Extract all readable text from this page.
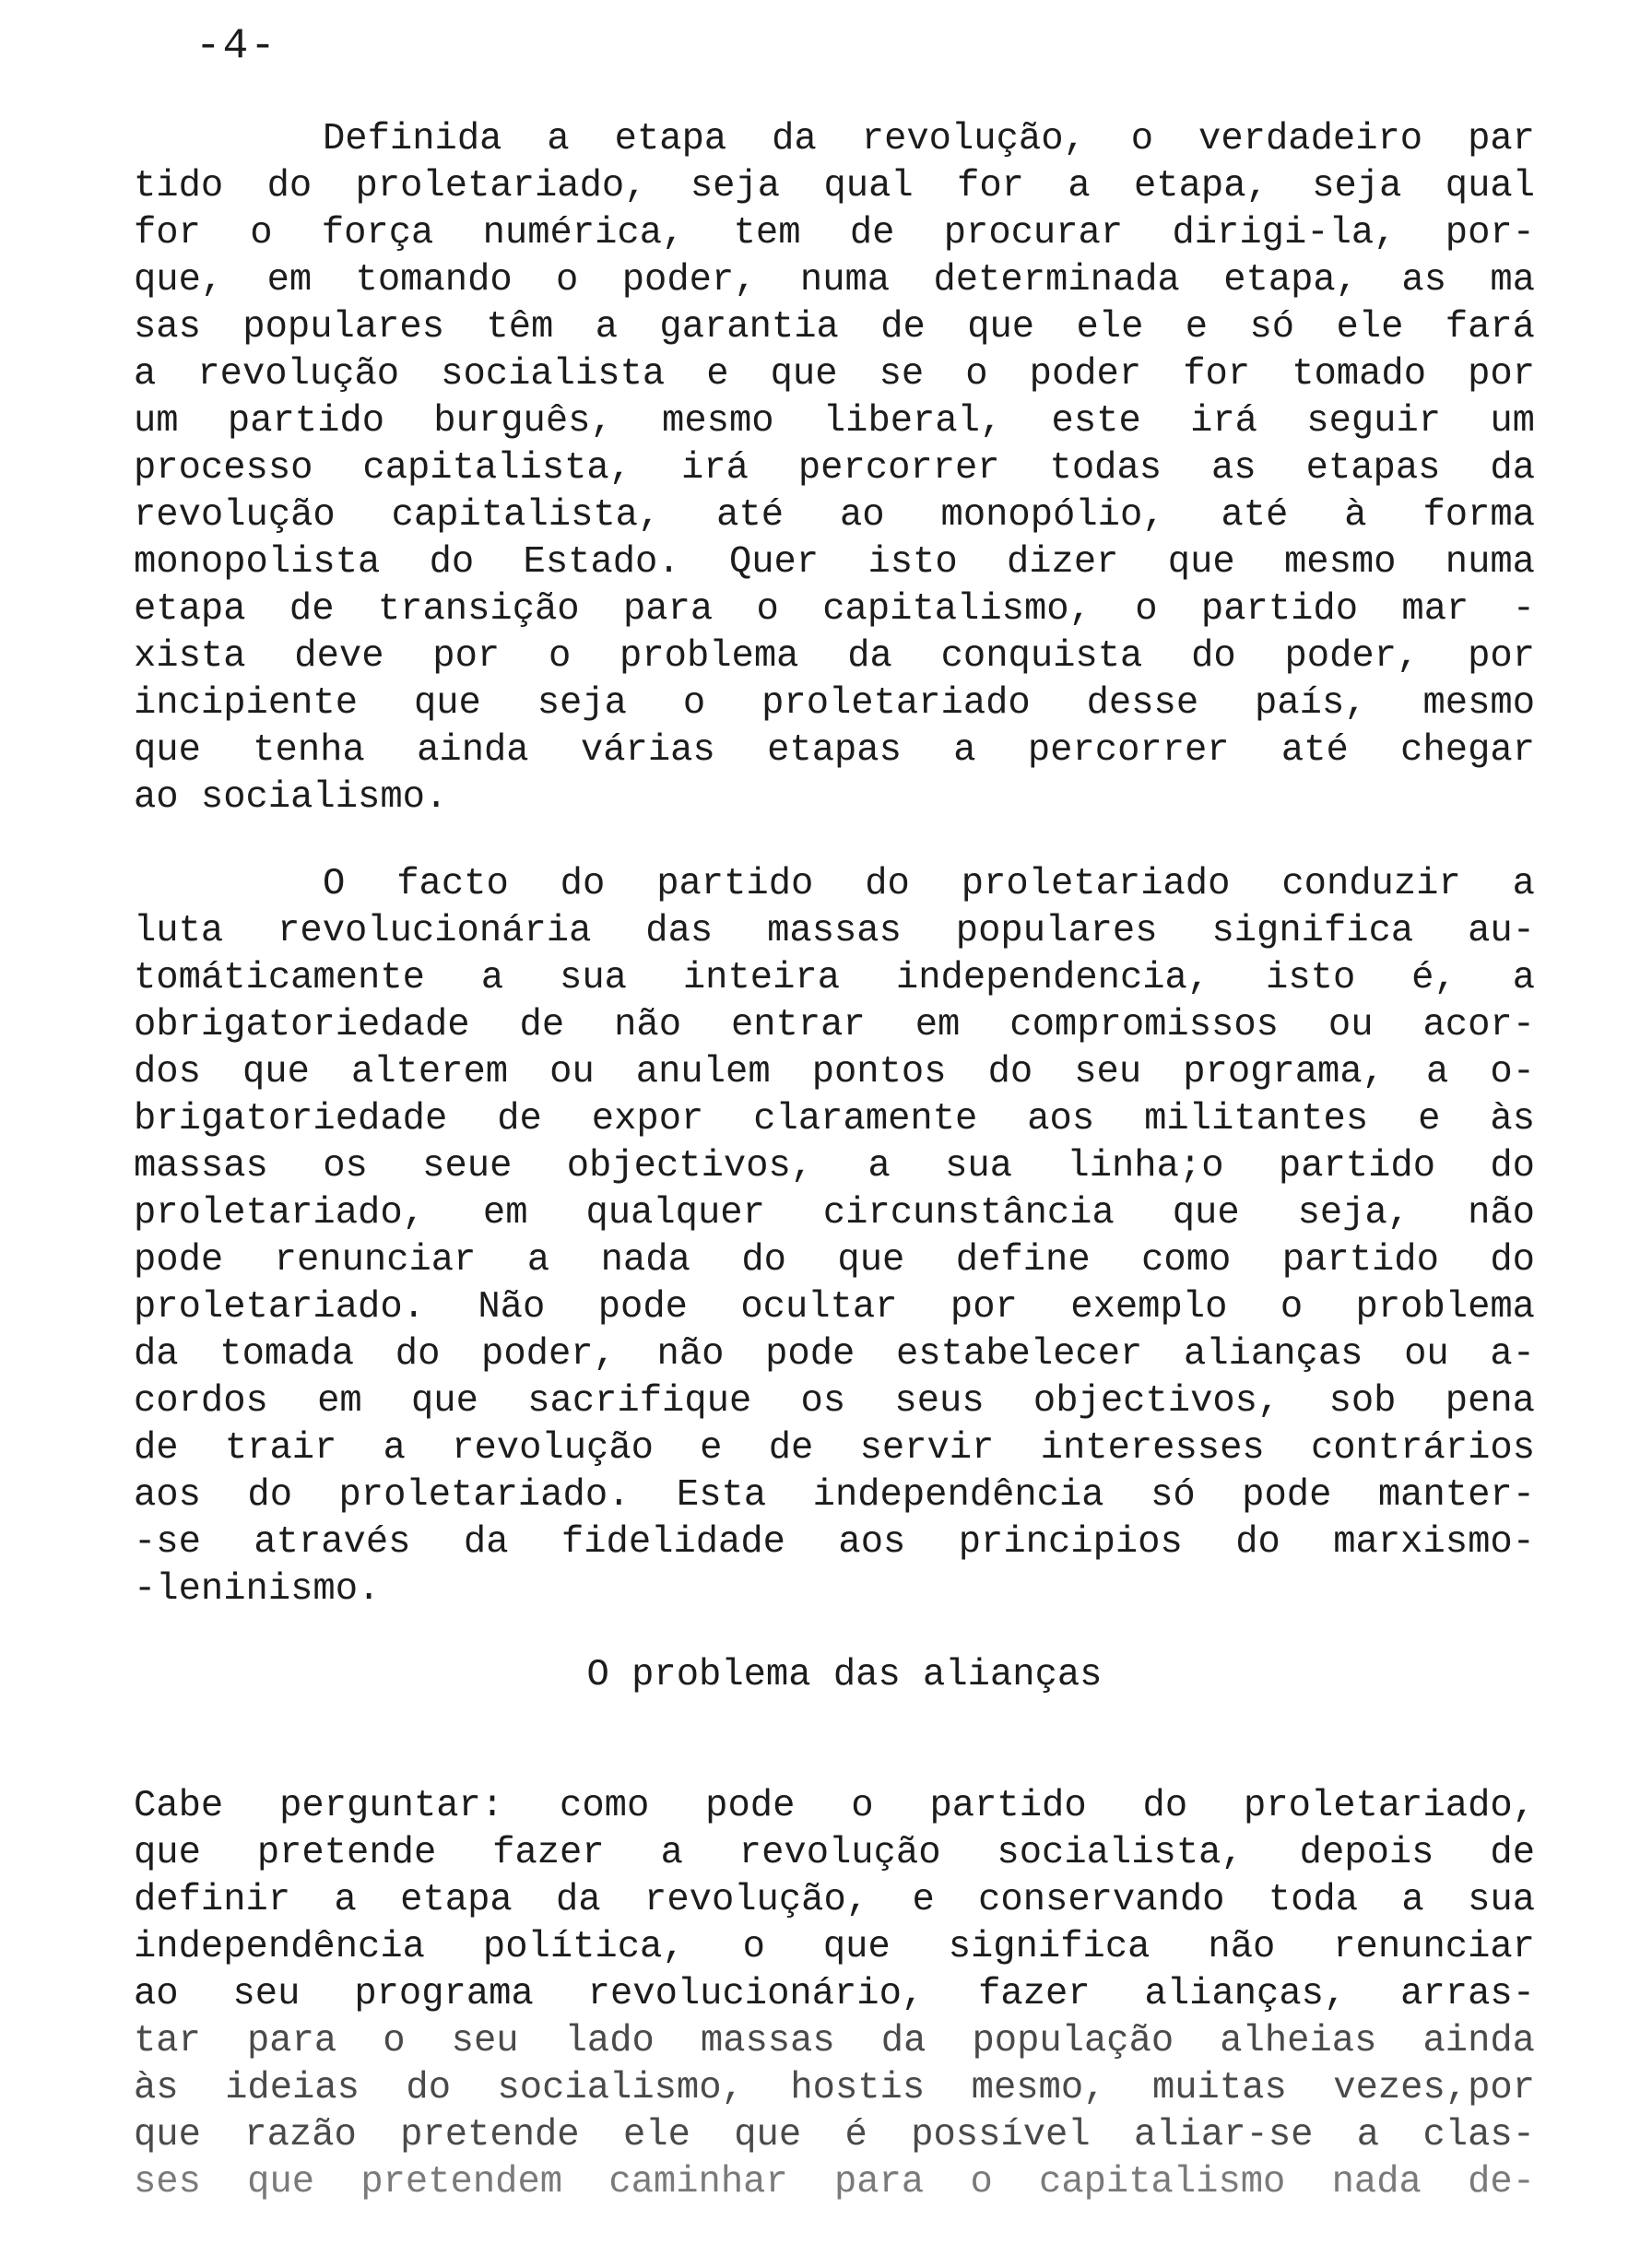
-4-
Definida a etapa da revolução, o verdadeiro par
tido do proletariado, seja qual for a etapa, seja qual
for o força numérica, tem de procurar dirigi-la, por-
que, em tomando o poder, numa determinada etapa, as ma
sas populares têm a garantia de que ele e só ele fará
a revolução socialista e que se o poder for tomado por
um partido burguês, mesmo liberal, este irá seguir um
processo capitalista, irá percorrer todas as etapas da
revolução capitalista, até ao monopólio, até à forma
monopolista do Estado. Quer isto dizer que mesmo numa
etapa de transição para o capitalismo, o partido mar -
xista deve por o problema da conquista do poder, por
incipiente que seja o proletariado desse país, mesmo
que tenha ainda várias etapas a percorrer até chegar
ao socialismo.
O facto do partido do proletariado conduzir a
luta revolucionária das massas populares significa au-
tomáticamente a sua inteira independencia, isto é, a
obrigatoriedade de não entrar em compromissos ou acor-
dos que alterem ou anulem pontos do seu programa, a o-
brigatoriedade de expor claramente aos militantes e às
massas os seue objectivos, a sua linha;o partido do
proletariado, em qualquer circunstância que seja, não
pode renunciar a nada do que define como partido do
proletariado. Não pode ocultar por exemplo o problema
da tomada do poder, não pode estabelecer alianças ou a-
cordos em que sacrifique os seus objectivos, sob pena
de trair a revolução e de servir interesses contrários
aos do proletariado. Esta independência só pode manter-
-se através da fidelidade aos principios do marxismo-
-leninismo.
O problema das alianças
Cabe perguntar: como pode o partido do proletariado,
que pretende fazer a revolução socialista, depois de
definir a etapa da revolução, e conservando toda a sua
independência política, o que significa não renunciar
ao seu programa revolucionário, fazer alianças, arras-
tar para o seu lado massas da população alheias ainda
às ideias do socialismo, hostis mesmo, muitas vezes,por
que razão pretende ele que é possível aliar-se a clas-
ses que pretendem caminhar para o capitalismo nada de-
